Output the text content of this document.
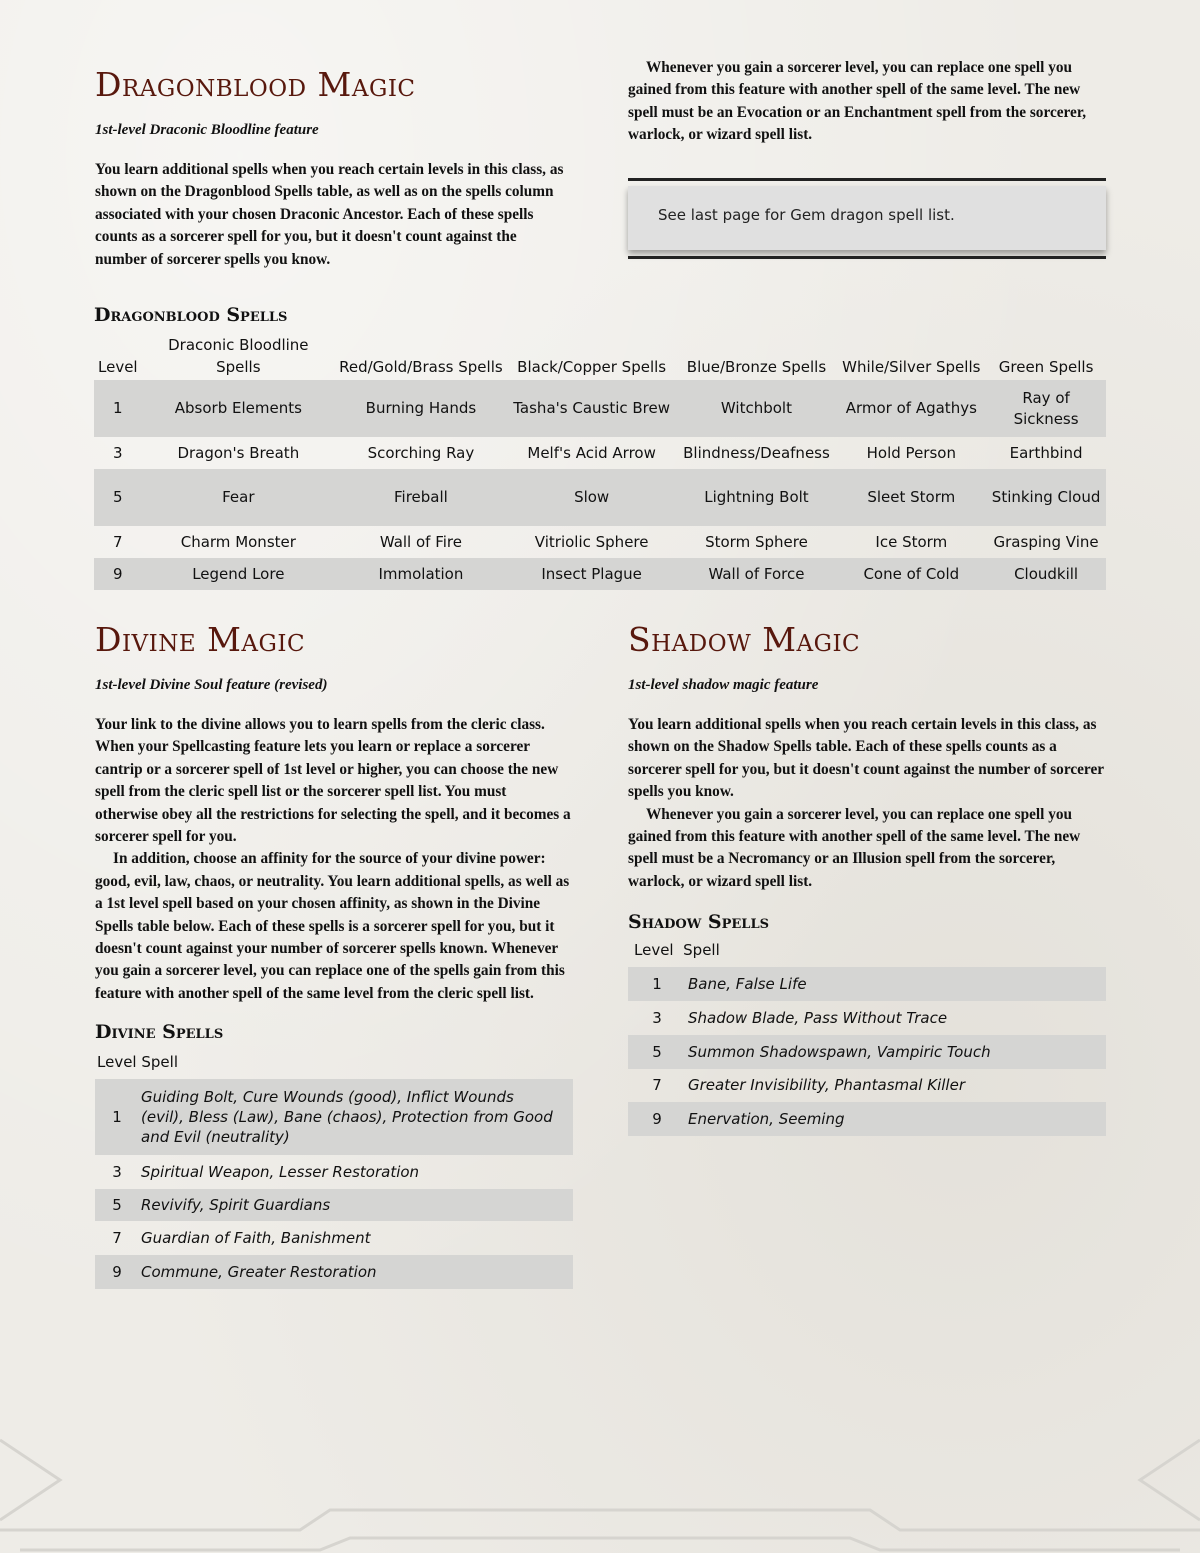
Dragonblood Magic
1st-level Draconic Bloodline feature

You learn additional spells when you reach certain levels in this class, as shown on the Dragonblood Spells table, as well as on the spells column associated with your chosen Draconic Ancestor. Each of these spells counts as a sorcerer spell for you, but it doesn't count against the number of sorcerer spells you know.

Whenever you gain a sorcerer level, you can replace one spell you gained from this feature with another spell of the same level. The new spell must be an Evocation or an Enchantment spell from the sorcerer, warlock, or wizard spell list.

See last page for Gem dragon spell list.
Dragonblood Spells
Level	Draconic Bloodline Spells	Red/Gold/Brass Spells	Black/Copper Spells	Blue/Bronze Spells	While/Silver Spells	Green Spells
1	Absorb Elements	Burning Hands	Tasha's Caustic Brew	Witchbolt	Armor of Agathys	Ray of Sickness
3	Dragon's Breath	Scorching Ray	Melf's Acid Arrow	Blindness/Deafness	Hold Person	Earthbind
5	Fear	Fireball	Slow	Lightning Bolt	Sleet Storm	Stinking Cloud
7	Charm Monster	Wall of Fire	Vitriolic Sphere	Storm Sphere	Ice Storm	Grasping Vine
9	Legend Lore	Immolation	Insect Plague	Wall of Force	Cone of Cold	Cloudkill
Divine Magic
1st-level Divine Soul feature (revised)

Your link to the divine allows you to learn spells from the cleric class. When your Spellcasting feature lets you learn or replace a sorcerer cantrip or a sorcerer spell of 1st level or higher, you can choose the new spell from the cleric spell list or the sorcerer spell list. You must otherwise obey all the restrictions for selecting the spell, and it becomes a sorcerer spell for you.

In addition, choose an affinity for the source of your divine power: good, evil, law, chaos, or neutrality. You learn additional spells, as well as a 1st level spell based on your chosen affinity, as shown in the Divine Spells table below. Each of these spells is a sorcerer spell for you, but it doesn't count against your number of sorcerer spells known. Whenever you gain a sorcerer level, you can replace one of the spells gain from this feature with another spell of the same level from the cleric spell list.

Divine Spells
Level Spell	
1	Guiding Bolt, Cure Wounds (good), Inflict Wounds (evil), Bless (Law), Bane (chaos), Protection from Good and Evil (neutrality)
3	Spiritual Weapon, Lesser Restoration
5	Revivify, Spirit Guardians
7	Guardian of Faith, Banishment
9	Commune, Greater Restoration
Shadow Magic
1st-level shadow magic feature

You learn additional spells when you reach certain levels in this class, as shown on the Shadow Spells table. Each of these spells counts as a sorcerer spell for you, but it doesn't count against the number of sorcerer spells you know.

Whenever you gain a sorcerer level, you can replace one spell you gained from this feature with another spell of the same level. The new spell must be a Necromancy or an Illusion spell from the sorcerer, warlock, or wizard spell list.

Shadow Spells
Level Spell	
1	Bane, False Life
3	Shadow Blade, Pass Without Trace
5	Summon Shadowspawn, Vampiric Touch
7	Greater Invisibility, Phantasmal Killer
9	Enervation, Seeming
